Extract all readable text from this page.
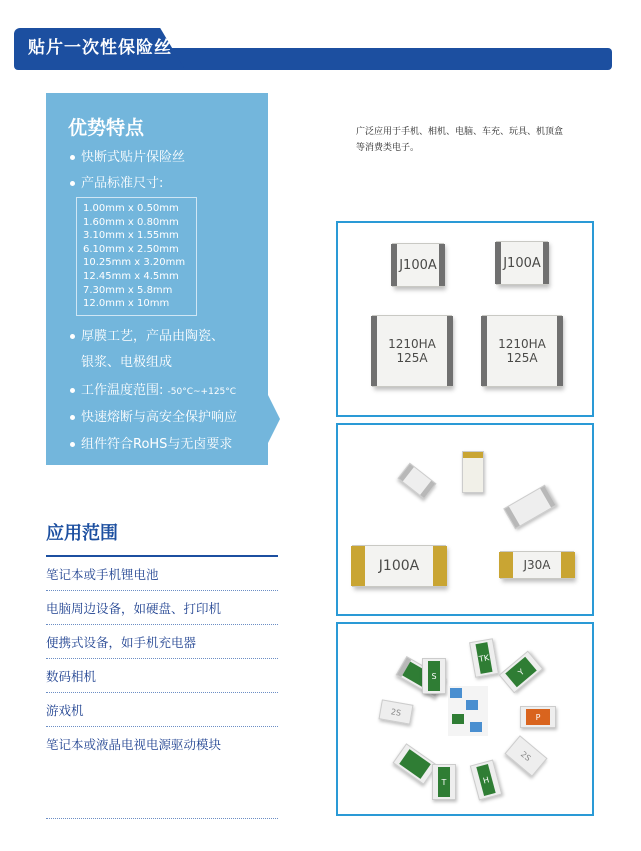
贴片一次性保险丝
优势特点
快断式贴片保险丝
产品标准尺寸:
1.00mm x 0.50mm
1.60mm x 0.80mm
3.10mm x 1.55mm
6.10mm x 2.50mm
10.25mm x 3.20mm
12.45mm x 4.5mm
7.30mm x 5.8mm
12.0mm x 10mm
厚膜工艺，产品由陶瓷、
银浆、电极组成
工作温度范围: -50°C~+125°C
快速熔断与高安全保护响应
组件符合RoHS与无卤要求
广泛应用于手机、相机、电脑、车充、玩具、机顶盒
等消费类电子。
应用范围
笔记本或手机锂电池
电脑周边设备，如硬盘、打印机
便携式设备，如手机充电器
数码相机
游戏机
笔记本或液晶电视电源驱动模块
J100A	J100A
1210HA 125A
1210HA 125A
J100A	J30A
S
TK
Y
P
2S
T	H
2S
